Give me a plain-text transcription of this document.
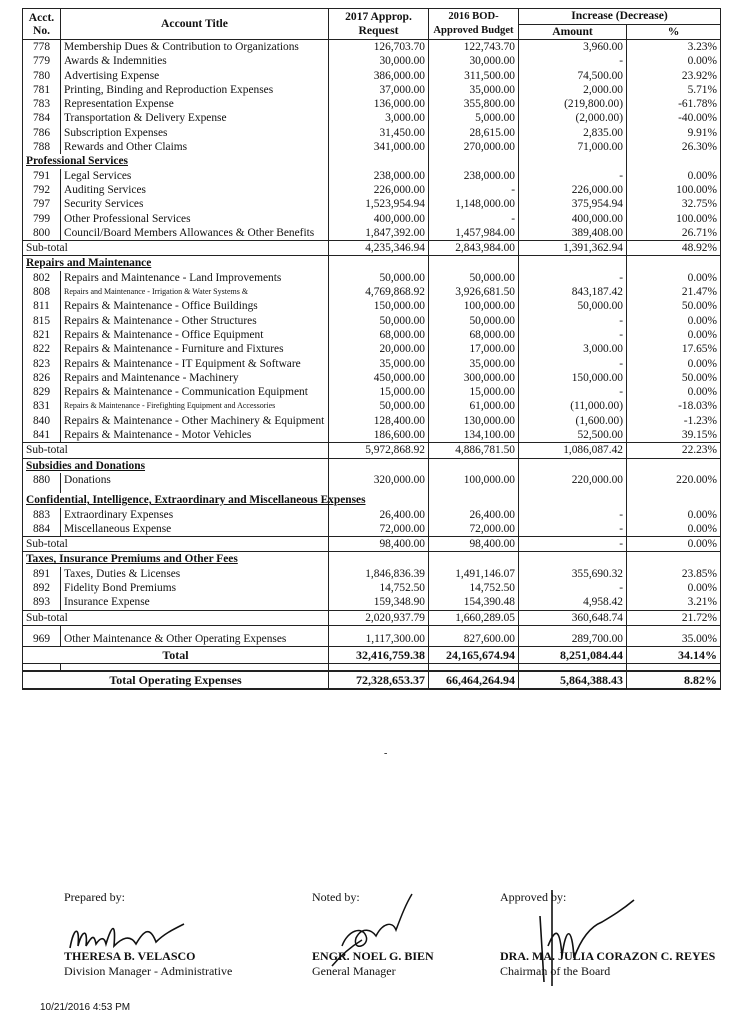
Acct. No.	Account Title	2017 Approp. Request	2016 BOD-Approved Budget	Increase (Decrease)	
				Amount	%
778	Membership Dues & Contribution to Organizations	126,703.70	122,743.70	3,960.00	3.23%
779	Awards & Indemnities	30,000.00	30,000.00	-	0.00%
780	Advertising Expense	386,000.00	311,500.00	74,500.00	23.92%
781	Printing, Binding and Reproduction Expenses	37,000.00	35,000.00	2,000.00	5.71%
783	Representation Expense	136,000.00	355,800.00	(219,800.00)	-61.78%
784	Transportation & Delivery Expense	3,000.00	5,000.00	(2,000.00)	-40.00%
786	Subscription Expenses	31,450.00	28,615.00	2,835.00	9.91%
788	Rewards and Other Claims	341,000.00	270,000.00	71,000.00	26.30%
Professional Services					
791	Legal Services	238,000.00	238,000.00	-	0.00%
792	Auditing Services	226,000.00	-	226,000.00	100.00%
797	Security Services	1,523,954.94	1,148,000.00	375,954.94	32.75%
799	Other Professional Services	400,000.00	-	400,000.00	100.00%
800	Council/Board Members Allowances & Other Benefits	1,847,392.00	1,457,984.00	389,408.00	26.71%
Sub-total		4,235,346.94	2,843,984.00	1,391,362.94	48.92%
Repairs and Maintenance					
802	Repairs and Maintenance - Land Improvements	50,000.00	50,000.00	-	0.00%
808	Repairs and Maintenance - Irrigation & Water Systems &	4,769,868.92	3,926,681.50	843,187.42	21.47%
811	Repairs & Maintenance - Office Buildings	150,000.00	100,000.00	50,000.00	50.00%
815	Repairs & Maintenance - Other Structures	50,000.00	50,000.00	-	0.00%
821	Repairs & Maintenance - Office Equipment	68,000.00	68,000.00	-	0.00%
822	Repairs & Maintenance - Furniture and Fixtures	20,000.00	17,000.00	3,000.00	17.65%
823	Repairs & Maintenance - IT Equipment & Software	35,000.00	35,000.00	-	0.00%
826	Repairs and Maintenance - Machinery	450,000.00	300,000.00	150,000.00	50.00%
829	Repairs & Maintenance - Communication Equipment	15,000.00	15,000.00	-	0.00%
831	Repairs & Maintenance - Firefighting Equipment and Accessories	50,000.00	61,000.00	(11,000.00)	-18.03%
840	Repairs & Maintenance - Other Machinery & Equipment	128,400.00	130,000.00	(1,600.00)	-1.23%
841	Repairs & Maintenance - Motor Vehicles	186,600.00	134,100.00	52,500.00	39.15%
Sub-total		5,972,868.92	4,886,781.50	1,086,087.42	22.23%
Subsidies and Donations					
880	Donations	320,000.00	100,000.00	220,000.00	220.00%

Confidential, Intelligence, Extraordinary and Miscellaneous Expenses					
883	Extraordinary Expenses	26,400.00	26,400.00	-	0.00%
884	Miscellaneous Expense	72,000.00	72,000.00	-	0.00%
Sub-total		98,400.00	98,400.00	-	0.00%
Taxes, Insurance Premiums and Other Fees					
891	Taxes, Duties & Licenses	1,846,836.39	1,491,146.07	355,690.32	23.85%
892	Fidelity Bond Premiums	14,752.50	14,752.50	-	0.00%
893	Insurance Expense	159,348.90	154,390.48	4,958.42	3.21%
Sub-total		2,020,937.79	1,660,289.05	360,648.74	21.72%

969	Other Maintenance & Other Operating Expenses	1,117,300.00	827,600.00	289,700.00	35.00%
Total		32,416,759.38	24,165,674.94	8,251,084.44	34.14%

Total Operating Expenses		72,328,653.37	66,464,264.94	5,864,388.43	8.82%
-
Prepared by:
THERESA B. VELASCO
Division Manager - Administrative
Noted by:
ENGR. NOEL G. BIEN
General Manager
Approved by:
DRA. MA. JULIA CORAZON C. REYES
Chairman of the Board
10/21/2016 4:53 PM
